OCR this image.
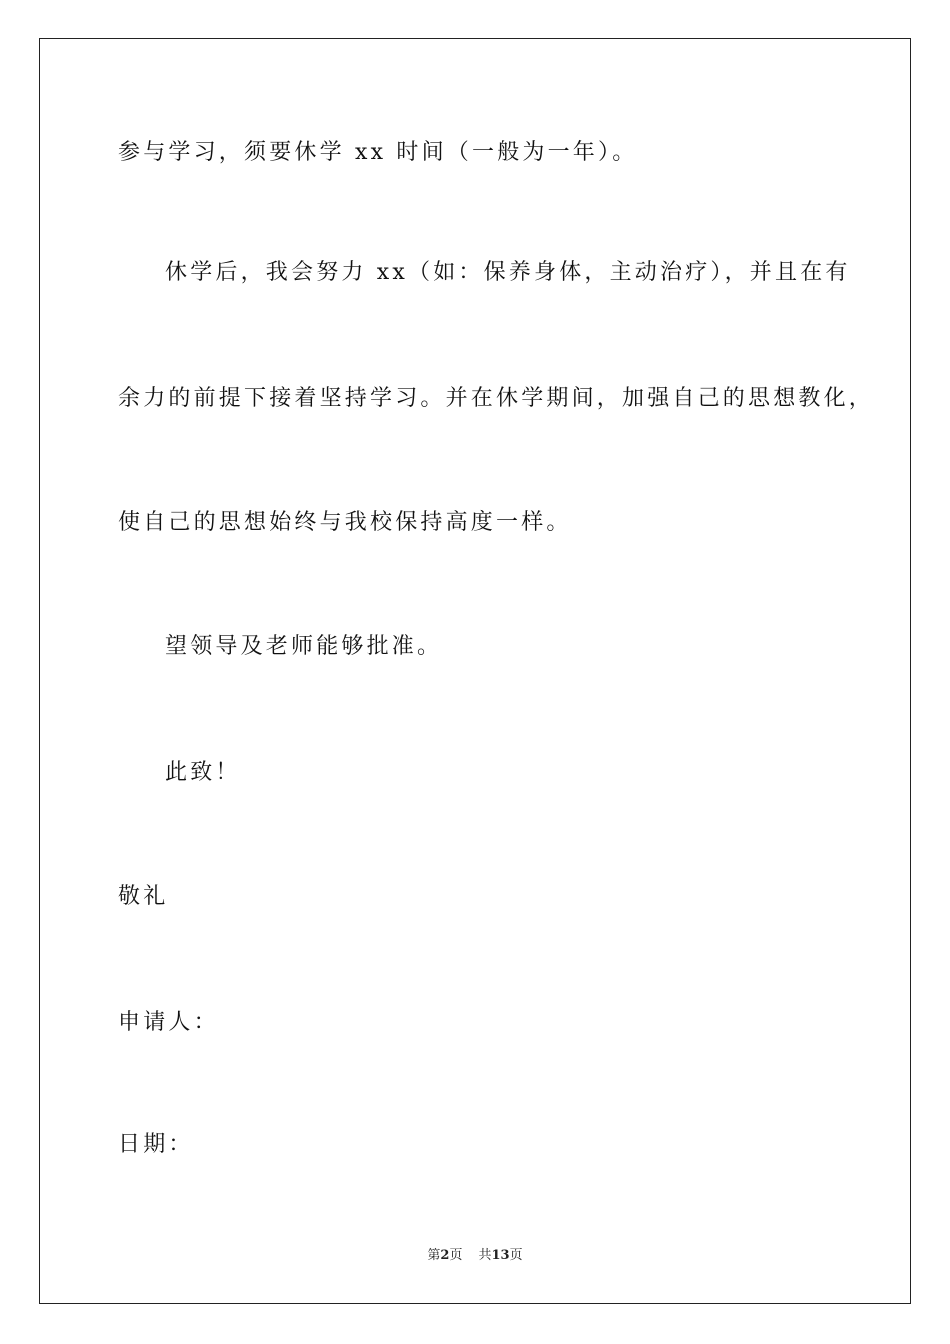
参与学习，须要休学 xx 时间（一般为一年）。
休学后，我会努力 xx（如：保养身体，主动治疗），并且在有
余力的前提下接着坚持学习。并在休学期间，加强自己的思想教化，
使自己的思想始终与我校保持高度一样。
望领导及老师能够批准。
此致！
敬礼
申请人：
日期：
第2页 共13页
